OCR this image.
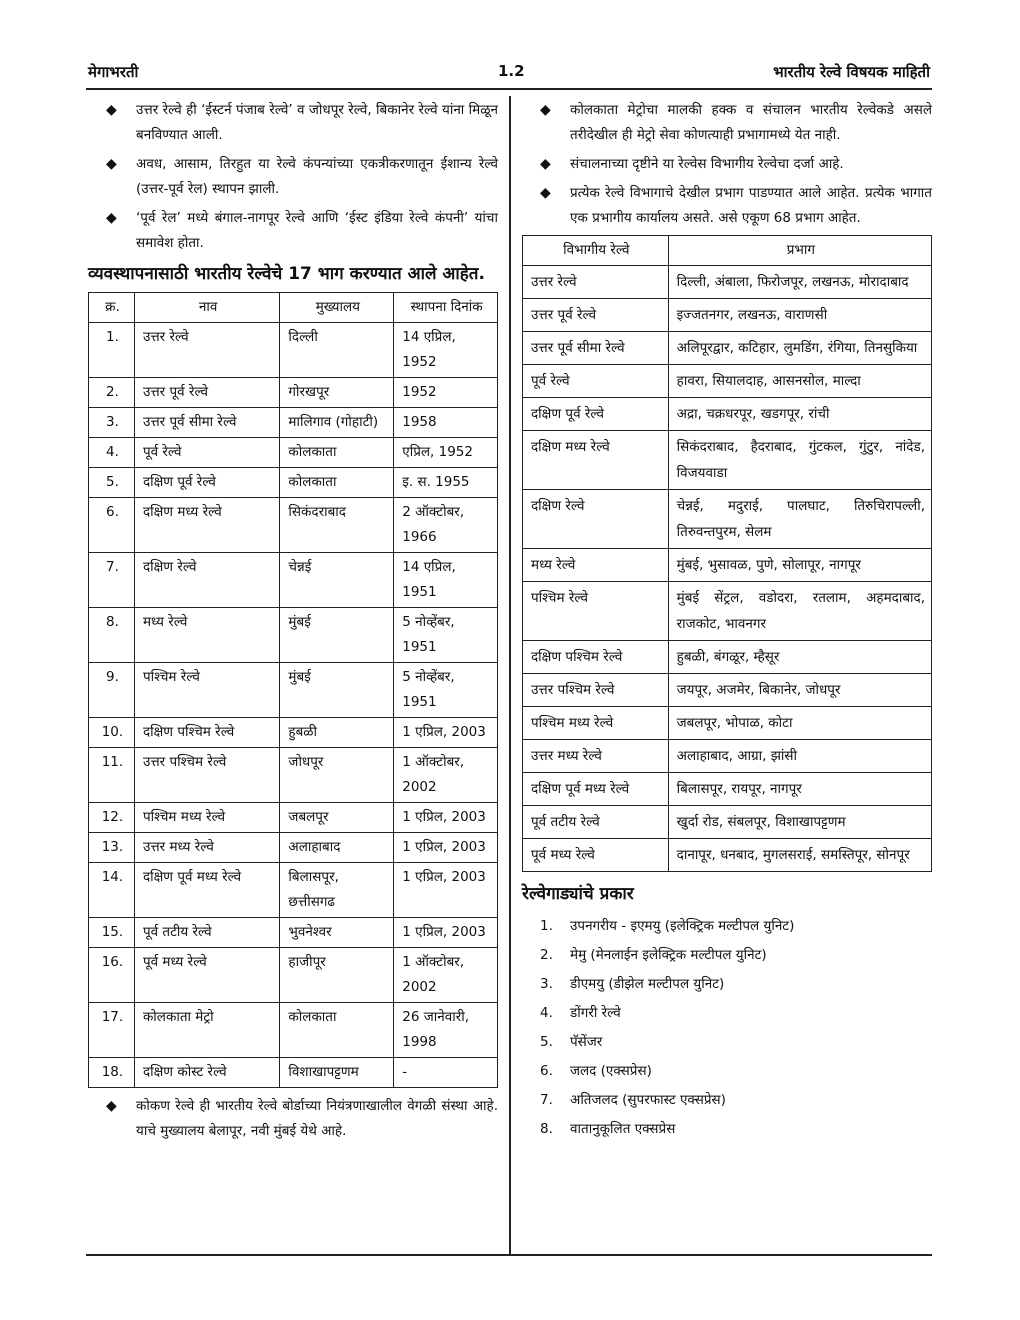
मेगाभरती	1.2	भारतीय रेल्वे विषयक माहिती
◆ उत्तर रेल्वे ही ‘ईस्टर्न पंजाब रेल्वे’ व जोधपूर रेल्वे, बिकानेर रेल्वे यांना मिळून बनविण्यात आली.
◆ अवध, आसाम, तिरहुत या रेल्वे कंपन्यांच्या एकत्रीकरणातून ईशान्य रेल्वे (उत्तर-पूर्व रेल) स्थापन झाली.
◆ ‘पूर्व रेल’ मध्ये बंगाल-नागपूर रेल्वे आणि ‘ईस्ट इंडिया रेल्वे कंपनी’ यांचा समावेश होता.
व्यवस्थापनासाठी भारतीय रेल्वेचे 17 भाग करण्यात आले आहेत.
क्र.	नाव	मुख्यालय	स्थापना दिनांक
1.	उत्तर रेल्वे	दिल्ली	14 एप्रिल, 1952
2.	उत्तर पूर्व रेल्वे	गोरखपूर	1952
3.	उत्तर पूर्व सीमा रेल्वे	मालिगाव (गोहाटी)	1958
4.	पूर्व रेल्वे	कोलकाता	एप्रिल, 1952
5.	दक्षिण पूर्व रेल्वे	कोलकाता	इ. स. 1955
6.	दक्षिण मध्य रेल्वे	सिकंदराबाद	2 ऑक्टोबर, 1966
7.	दक्षिण रेल्वे	चेन्नई	14 एप्रिल, 1951
8.	मध्य रेल्वे	मुंबई	5 नोव्हेंबर, 1951
9.	पश्चिम रेल्वे	मुंबई	5 नोव्हेंबर, 1951
10.	दक्षिण पश्चिम रेल्वे	हुबळी	1 एप्रिल, 2003
11.	उत्तर पश्चिम रेल्वे	जोधपूर	1 ऑक्टोबर, 2002
12.	पश्चिम मध्य रेल्वे	जबलपूर	1 एप्रिल, 2003
13.	उत्तर मध्य रेल्वे	अलाहाबाद	1 एप्रिल, 2003
14.	दक्षिण पूर्व मध्य रेल्वे	बिलासपूर, छत्तीसगढ	1 एप्रिल, 2003
15.	पूर्व तटीय रेल्वे	भुवनेश्वर	1 एप्रिल, 2003
16.	पूर्व मध्य रेल्वे	हाजीपूर	1 ऑक्टोबर, 2002
17.	कोलकाता मेट्रो	कोलकाता	26 जानेवारी, 1998
18.	दक्षिण कोस्ट रेल्वे	विशाखापट्टणम	-
◆ कोकण रेल्वे ही भारतीय रेल्वे बोर्डाच्या नियंत्रणाखालील वेगळी संस्था आहे. याचे मुख्यालय बेलापूर, नवी मुंबई येथे आहे.
◆ कोलकाता मेट्रोचा मालकी हक्क व संचालन भारतीय रेल्वेकडे असले तरीदेखील ही मेट्रो सेवा कोणत्याही प्रभागामध्ये येत नाही.
◆ संचालनाच्या दृष्टीने या रेल्वेस विभागीय रेल्वेचा दर्जा आहे.
◆ प्रत्येक रेल्वे विभागाचे देखील प्रभाग पाडण्यात आले आहेत. प्रत्येक भागात एक प्रभागीय कार्यालय असते. असे एकूण 68 प्रभाग आहेत.
विभागीय रेल्वे	प्रभाग
उत्तर रेल्वे	दिल्ली, अंबाला, फिरोजपूर, लखनऊ, मोरादाबाद
उत्तर पूर्व रेल्वे	इज्जतनगर, लखनऊ, वाराणसी
उत्तर पूर्व सीमा रेल्वे	अलिपूरद्वार, कटिहार, लुमडिंग, रंगिया, तिनसुकिया
पूर्व रेल्वे	हावरा, सियालदाह, आसनसोल, माल्दा
दक्षिण पूर्व रेल्वे	अद्रा, चक्रधरपूर, खडगपूर, रांची
दक्षिण मध्य रेल्वे	सिकंदराबाद, हैदराबाद, गुंटकल, गुंटुर, नांदेड, विजयवाडा
दक्षिण रेल्वे	चेन्नई, मदुराई, पालघाट, तिरुचिरापल्ली, तिरुवन्तपुरम, सेलम
मध्य रेल्वे	मुंबई, भुसावळ, पुणे, सोलापूर, नागपूर
पश्चिम रेल्वे	मुंबई सेंट्रल, वडोदरा, रतलाम, अहमदाबाद, राजकोट, भावनगर
दक्षिण पश्चिम रेल्वे	हुबळी, बंगळूर, म्हैसूर
उत्तर पश्चिम रेल्वे	जयपूर, अजमेर, बिकानेर, जोधपूर
पश्चिम मध्य रेल्वे	जबलपूर, भोपाळ, कोटा
उत्तर मध्य रेल्वे	अलाहाबाद, आग्रा, झांसी
दक्षिण पूर्व मध्य रेल्वे	बिलासपूर, रायपूर, नागपूर
पूर्व तटीय रेल्वे	खुर्दा रोड, संबलपूर, विशाखापट्टणम
पूर्व मध्य रेल्वे	दानापूर, धनबाद, मुगलसराई, समस्तिपूर, सोनपूर
रेल्वेगाड्यांचे प्रकार
1. उपनगरीय - इएमयु (इलेक्ट्रिक मल्टीपल युनिट)
2. मेमु (मेनलाईन इलेक्ट्रिक मल्टीपल युनिट)
3. डीएमयु (डीझेल मल्टीपल युनिट)
4. डोंगरी रेल्वे
5. पॅसेंजर
6. जलद (एक्सप्रेस)
7. अतिजलद (सुपरफास्ट एक्सप्रेस)
8. वातानुकूलित एक्सप्रेस
